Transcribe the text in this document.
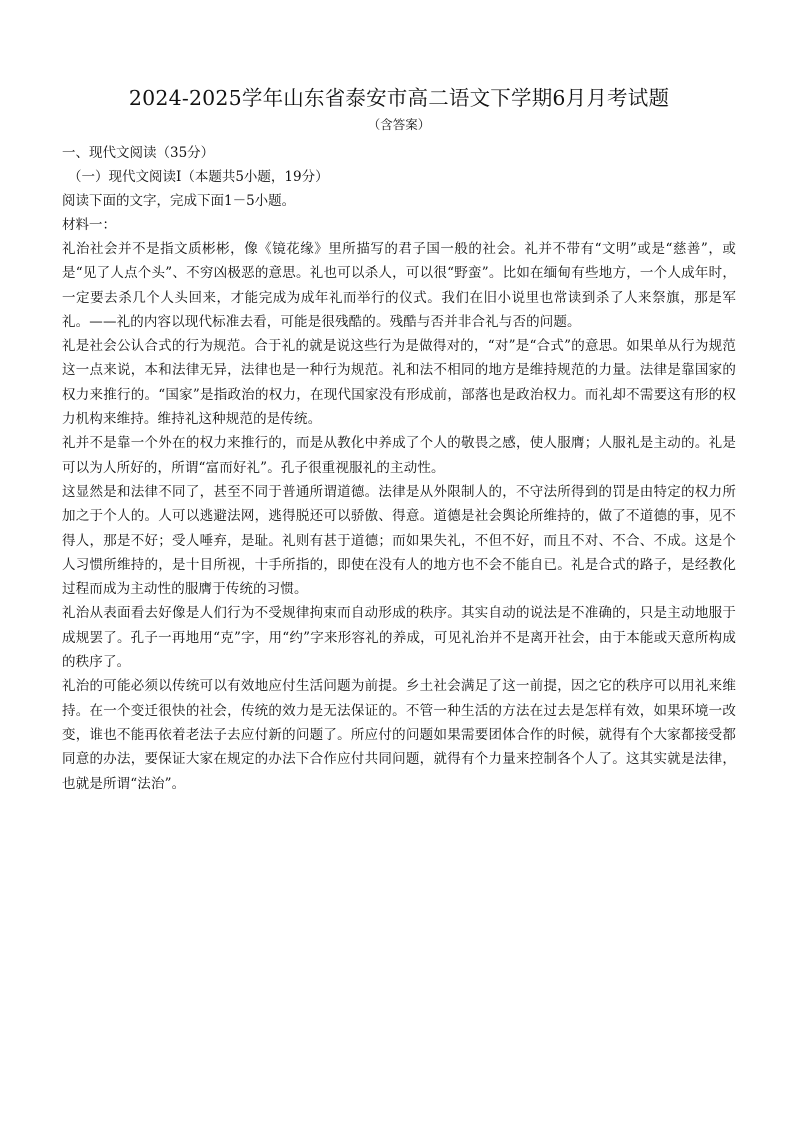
2024-2025学年山东省泰安市高二语文下学期6月月考试题
（含答案）

一、现代文阅读（35分）

（一）现代文阅读Ⅰ（本题共5小题，19分）

阅读下面的文字，完成下面1－5小题。

材料一：

礼治社会并不是指文质彬彬，像《镜花缘》里所描写的君子国一般的社会。礼并不带有“文明”或是“慈善”，或是“见了人点个头”、不穷凶极恶的意思。礼也可以杀人，可以很“野蛮”。比如在缅甸有些地方，一个人成年时，一定要去杀几个人头回来，才能完成为成年礼而举行的仪式。我们在旧小说里也常读到杀了人来祭旗，那是军礼。——礼的内容以现代标准去看，可能是很残酷的。残酷与否并非合礼与否的问题。

礼是社会公认合式的行为规范。合于礼的就是说这些行为是做得对的，“对”是“合式”的意思。如果单从行为规范这一点来说，本和法律无异，法律也是一种行为规范。礼和法不相同的地方是维持规范的力量。法律是靠国家的权力来推行的。“国家”是指政治的权力，在现代国家没有形成前，部落也是政治权力。而礼却不需要这有形的权力机构来维持。维持礼这种规范的是传统。

礼并不是靠一个外在的权力来推行的，而是从教化中养成了个人的敬畏之感，使人服膺；人服礼是主动的。礼是可以为人所好的，所谓“富而好礼”。孔子很重视服礼的主动性。

这显然是和法律不同了，甚至不同于普通所谓道德。法律是从外限制人的，不守法所得到的罚是由特定的权力所加之于个人的。人可以逃避法网，逃得脱还可以骄傲、得意。道德是社会舆论所维持的，做了不道德的事，见不得人，那是不好；受人唾弃，是耻。礼则有甚于道德；而如果失礼，不但不好，而且不对、不合、不成。这是个人习惯所维持的，是十目所视，十手所指的，即使在没有人的地方也不会不能自已。礼是合式的路子，是经教化过程而成为主动性的服膺于传统的习惯。

礼治从表面看去好像是人们行为不受规律拘束而自动形成的秩序。其实自动的说法是不准确的，只是主动地服于成规罢了。孔子一再地用“克”字，用“约”字来形容礼的养成，可见礼治并不是离开社会，由于本能或天意所构成的秩序了。

礼治的可能必须以传统可以有效地应付生活问题为前提。乡土社会满足了这一前提，因之它的秩序可以用礼来维持。在一个变迁很快的社会，传统的效力是无法保证的。不管一种生活的方法在过去是怎样有效，如果环境一改变，谁也不能再依着老法子去应付新的问题了。所应付的问题如果需要团体合作的时候，就得有个大家都接受都同意的办法，要保证大家在规定的办法下合作应付共同问题，就得有个力量来控制各个人了。这其实就是法律，也就是所谓“法治”。
